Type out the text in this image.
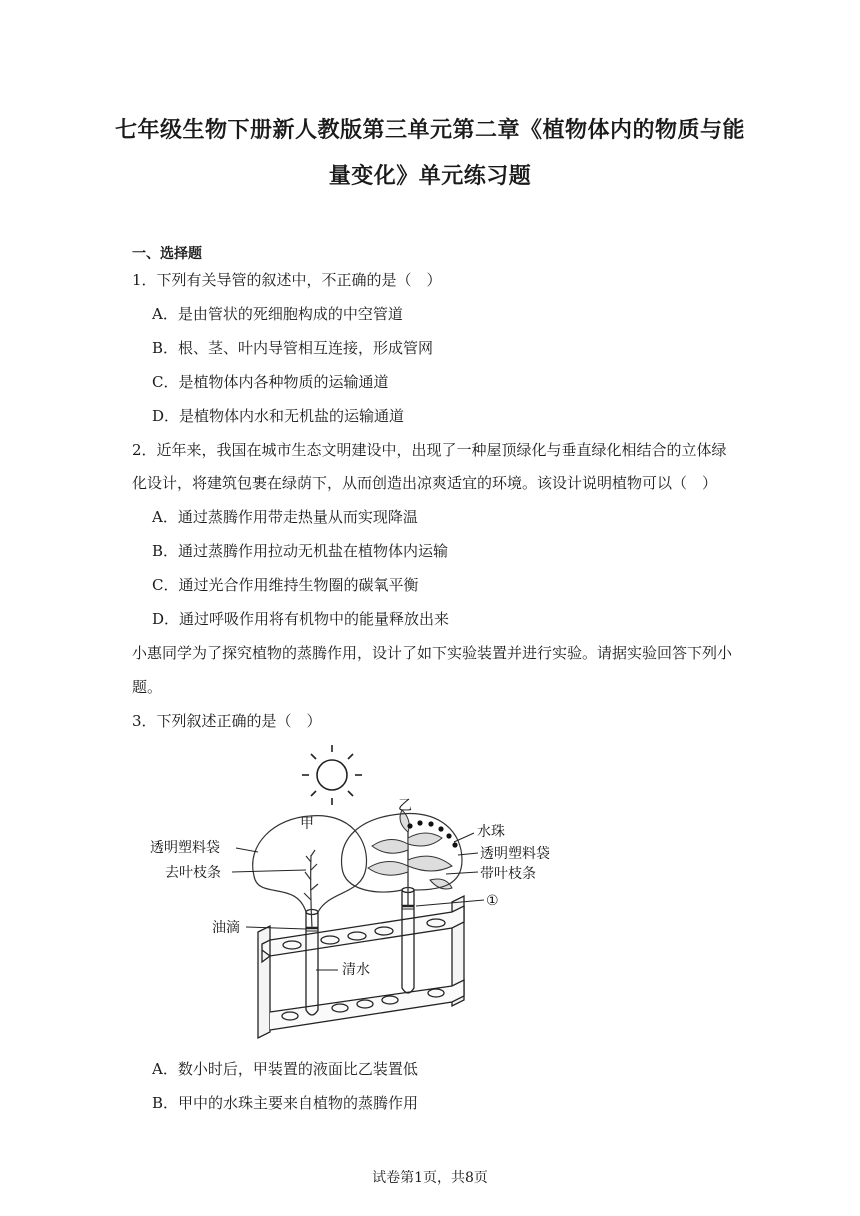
七年级生物下册新人教版第三单元第二章《植物体内的物质与能
量变化》单元练习题
一、选择题
1．下列有关导管的叙述中，不正确的是（　）
A．是由管状的死细胞构成的中空管道
B．根、茎、叶内导管相互连接，形成管网
C．是植物体内各种物质的运输通道
D．是植物体内水和无机盐的运输通道
2．近年来，我国在城市生态文明建设中，出现了一种屋顶绿化与垂直绿化相结合的立体绿
化设计，将建筑包裹在绿荫下，从而创造出凉爽适宜的环境。该设计说明植物可以（　）
A．通过蒸腾作用带走热量从而实现降温
B．通过蒸腾作用拉动无机盐在植物体内运输
C．通过光合作用维持生物圈的碳氧平衡
D．通过呼吸作用将有机物中的能量释放出来
小惠同学为了探究植物的蒸腾作用，设计了如下实验装置并进行实验。请据实验回答下列小
题。
3．下列叙述正确的是（　）
甲
乙
透明塑料袋
去叶枝条
油滴
清水
水珠
透明塑料袋
带叶枝条
①
A．数小时后，甲装置的液面比乙装置低
B．甲中的水珠主要来自植物的蒸腾作用
试卷第1页，共8页
